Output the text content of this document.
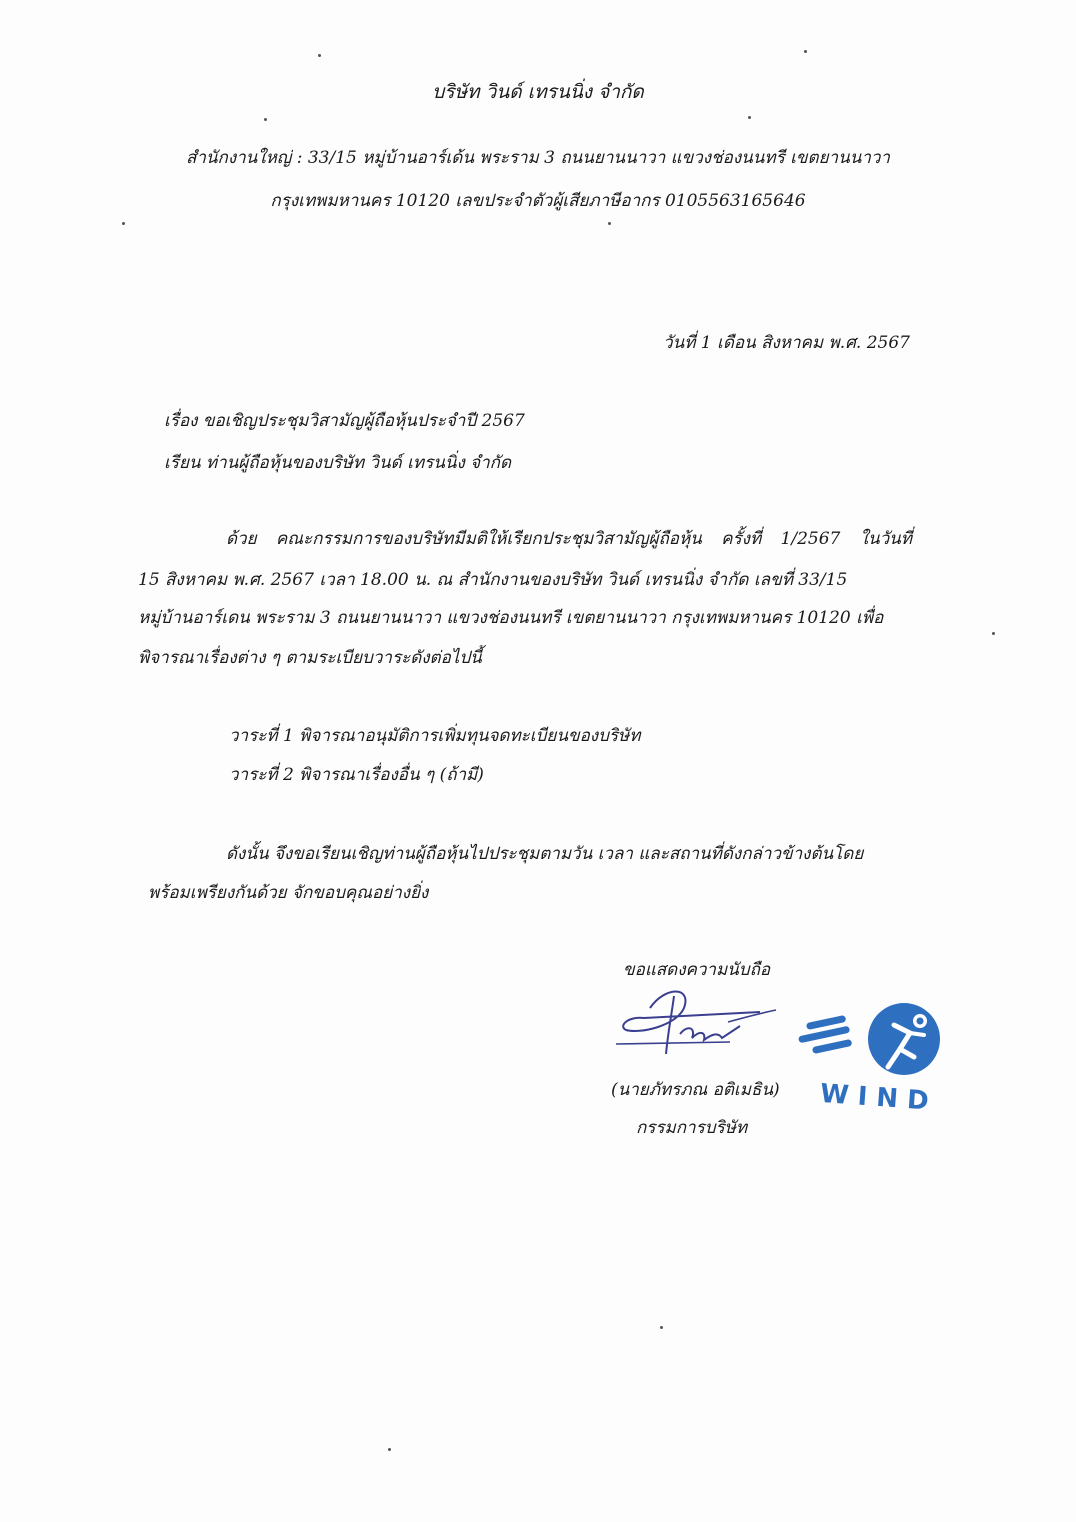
บริษัท วินด์ เทรนนิ่ง จำกัด
สำนักงานใหญ่ : 33/15 หมู่บ้านอาร์เด้น พระราม 3 ถนนยานนาวา แขวงช่องนนทรี เขตยานนาวา
กรุงเทพมหานคร 10120 เลขประจำตัวผู้เสียภาษีอากร 0105563165646
วันที่ 1 เดือน สิงหาคม พ.ศ. 2567
เรื่อง ขอเชิญประชุมวิสามัญผู้ถือหุ้นประจำปี 2567
เรียน ท่านผู้ถือหุ้นของบริษัท วินด์ เทรนนิ่ง จำกัด
ด้วย คณะกรรมการของบริษัทมีมติให้เรียกประชุมวิสามัญผู้ถือหุ้น ครั้งที่ 1/2567 ในวันที่
15 สิงหาคม พ.ศ. 2567 เวลา 18.00 น. ณ สำนักงานของบริษัท วินด์ เทรนนิ่ง จำกัด เลขที่ 33/15
หมู่บ้านอาร์เดน พระราม 3 ถนนยานนาวา แขวงช่องนนทรี เขตยานนาวา กรุงเทพมหานคร 10120 เพื่อ
พิจารณาเรื่องต่าง ๆ ตามระเบียบวาระดังต่อไปนี้
วาระที่ 1 พิจารณาอนุมัติการเพิ่มทุนจดทะเบียนของบริษัท
วาระที่ 2 พิจารณาเรื่องอื่น ๆ (ถ้ามี)
ดังนั้น จึงขอเรียนเชิญท่านผู้ถือหุ้นไปประชุมตามวัน เวลา และสถานที่ดังกล่าวข้างต้นโดย
พร้อมเพรียงกันด้วย จักขอบคุณอย่างยิ่ง
ขอแสดงความนับถือ
(นายภัทรภณ อติเมธิน)
กรรมการบริษัท
WIND
